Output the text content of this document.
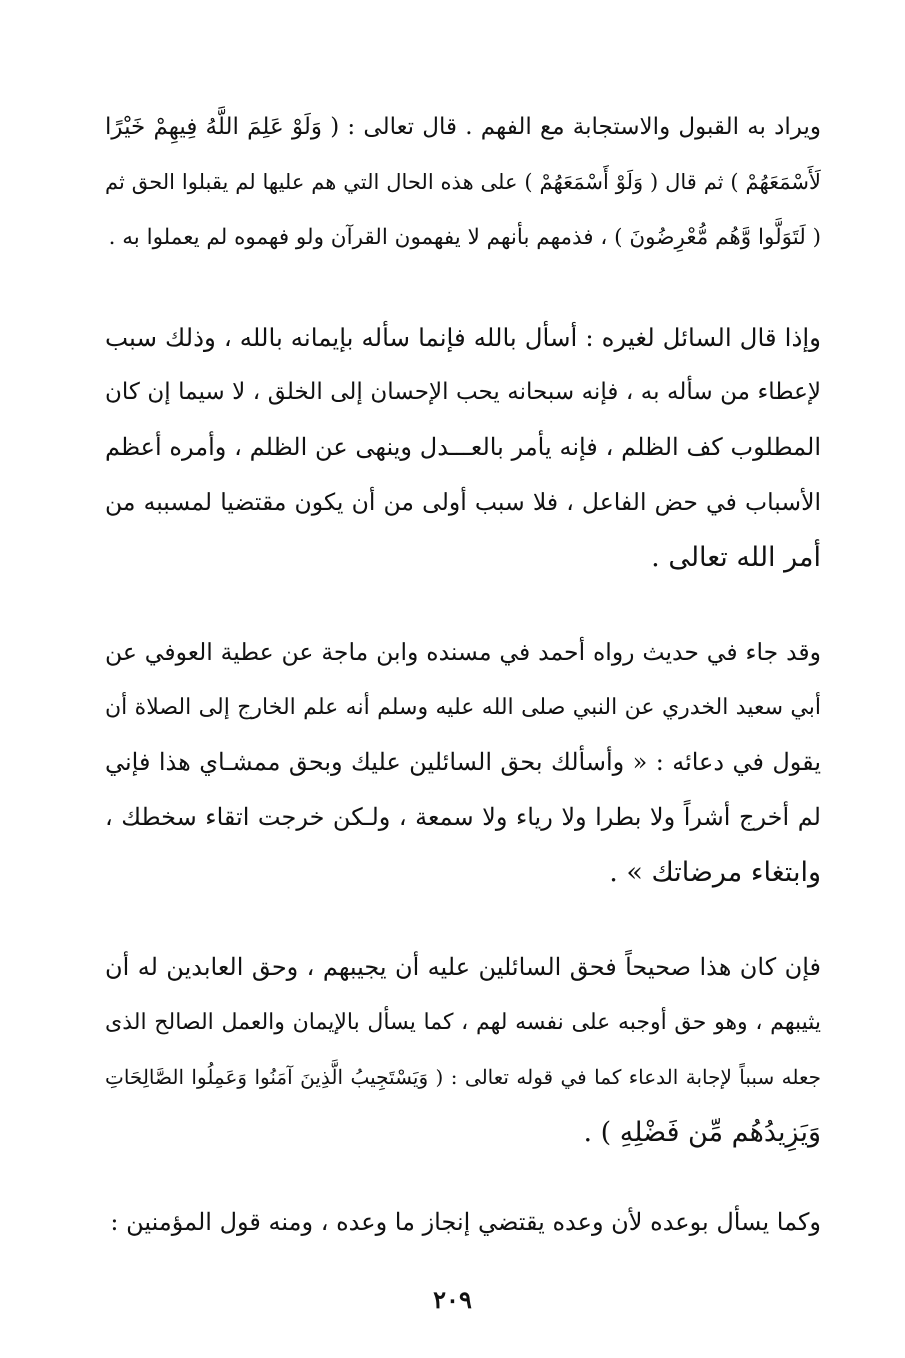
ويراد به القبول والاستجابة مع الفهم . قال تعالى : ( وَلَوْ عَلِمَ اللَّهُ فِيهِمْ خَيْرًا
لَأَسْمَعَهُمْ ) ثم قال ( وَلَوْ أَسْمَعَهُمْ ) على هذه الحال التي هم عليها لم يقبلوا الحق ثم
( لَتَوَلَّوا وَّهُم مُّعْرِضُونَ ) ، فذمهم بأنهم لا يفهمون القرآن ولو فهموه لم يعملوا به .
وإذا قال السائل لغيره : أسأل بالله فإنما سأله بإيمانه بالله ، وذلك سبب
لإعطاء من سأله به ، فإنه سبحانه يحب الإحسان إلى الخلق ، لا سيما إن كان
المطلوب كف الظلم ، فإنه يأمر بالعـــدل وينهى عن الظلم ، وأمره أعظم
الأسباب في حض الفاعل ، فلا سبب أولى من أن يكون مقتضيا لمسببه من
أمر الله تعالى .
وقد جاء في حديث رواه أحمد في مسنده وابن ماجة عن عطية العوفي عن
أبي سعيد الخدري عن النبي صلى الله عليه وسلم أنه علم الخارج إلى الصلاة أن
يقول في دعائه : « وأسألك بحق السائلين عليك وبحق ممشـاي هذا فإني
لم أخرج أشراً ولا بطرا ولا رياء ولا سمعة ، ولـكن خرجت اتقاء سخطك ،
وابتغاء مرضاتك » .
فإن كان هذا صحيحاً فحق السائلين عليه أن يجيبهم ، وحق العابدين له أن
يثيبهم ، وهو حق أوجبه على نفسه لهم ، كما يسأل بالإيمان والعمل الصالح الذى
جعله سبباً لإجابة الدعاء كما في قوله تعالى : ( وَيَسْتَجِيبُ الَّذِينَ آمَنُوا وَعَمِلُوا الصَّالِحَاتِ
وَيَزِيدُهُم مِّن فَضْلِهِ ) .
وكما يسأل بوعده لأن وعده يقتضي إنجاز ما وعده ، ومنه قول المؤمنين :
٢٠٩
